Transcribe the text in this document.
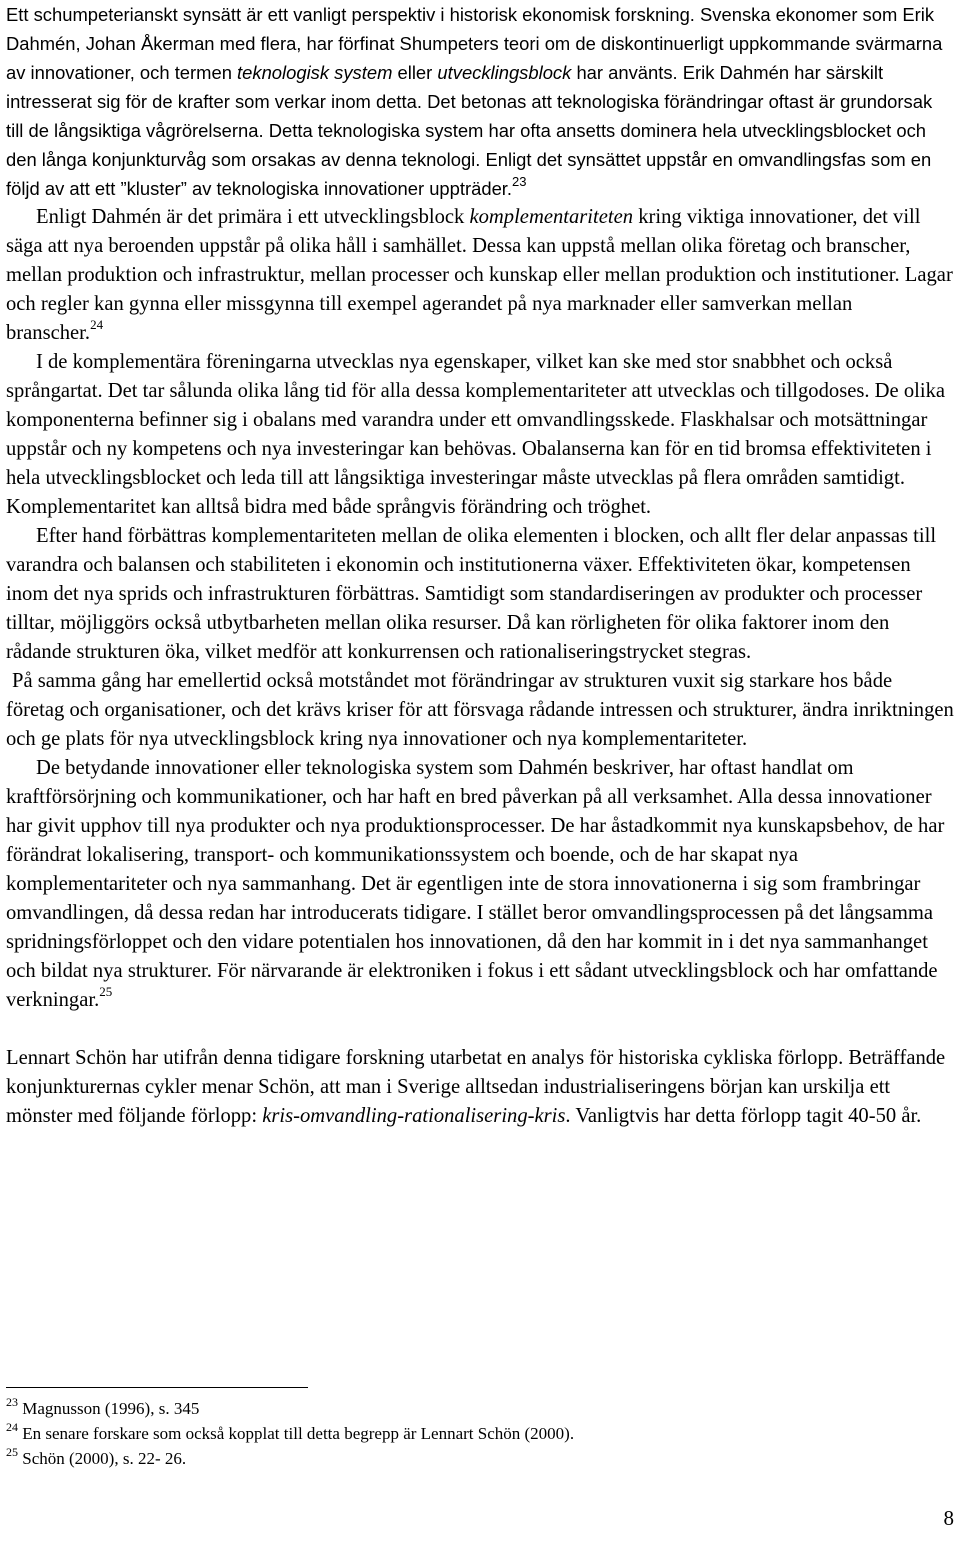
Ett schumpeterianskt synsätt är ett vanligt perspektiv i historisk ekonomisk forskning. Svenska ekonomer som Erik Dahmén, Johan Åkerman med flera, har förfinat Shumpeters teori om de diskontinuerligt uppkommande svärmarna av innovationer, och termen teknologisk system eller utvecklingsblock har använts. Erik Dahmén har särskilt intresserat sig för de krafter som verkar inom detta. Det betonas att teknologiska förändringar oftast är grundorsak till de långsiktiga vågrörelserna. Detta teknologiska system har ofta ansetts dominera hela utvecklingsblocket och den långa konjunkturvåg som orsakas av denna teknologi. Enligt det synsättet uppstår en omvandlingsfas som en följd av att ett ”kluster” av teknologiska innovationer uppträder.$^{23}$

Enligt Dahmén är det primära i ett utvecklingsblock komplementariteten kring viktiga innovationer, det vill säga att nya beroenden uppstår på olika håll i samhället. Dessa kan uppstå mellan olika företag och branscher, mellan produktion och infrastruktur, mellan processer och kunskap eller mellan produktion och institutioner. Lagar och regler kan gynna eller missgynna till exempel agerandet på nya marknader eller samverkan mellan branscher.$^{24}$

I de komplementära föreningarna utvecklas nya egenskaper, vilket kan ske med stor snabbhet och också språngartat. Det tar sålunda olika lång tid för alla dessa komplementariteter att utvecklas och tillgodoses. De olika komponenterna befinner sig i obalans med varandra under ett omvandlingsskede. Flaskhalsar och motsättningar uppstår och ny kompetens och nya investeringar kan behövas. Obalanserna kan för en tid bromsa effektiviteten i hela utvecklingsblocket och leda till att långsiktiga investeringar måste utvecklas på flera områden samtidigt. Komplementaritet kan alltså bidra med både språngvis förändring och tröghet.

Efter hand förbättras komplementariteten mellan de olika elementen i blocken, och allt fler delar anpassas till varandra och balansen och stabiliteten i ekonomin och institutionerna växer. Effektiviteten ökar, kompetensen inom det nya sprids och infrastrukturen förbättras. Samtidigt som standardiseringen av produkter och processer tilltar, möjliggörs också utbytbarheten mellan olika resurser. Då kan rörligheten för olika faktorer inom den rådande strukturen öka, vilket medför att konkurrensen och rationaliseringstrycket stegras.

På samma gång har emellertid också motståndet mot förändringar av strukturen vuxit sig starkare hos både företag och organisationer, och det krävs kriser för att försvaga rådande intressen och strukturer, ändra inriktningen och ge plats för nya utvecklingsblock kring nya innovationer och nya komplementariteter.

De betydande innovationer eller teknologiska system som Dahmén beskriver, har oftast handlat om kraftförsörjning och kommunikationer, och har haft en bred påverkan på all verksamhet. Alla dessa innovationer har givit upphov till nya produkter och nya produktionsprocesser. De har åstadkommit nya kunskapsbehov, de har förändrat lokalisering, transport- och kommunikationssystem och boende, och de har skapat nya komplementariteter och nya sammanhang. Det är egentligen inte de stora innovationerna i sig som frambringar omvandlingen, då dessa redan har introducerats tidigare. I stället beror omvandlingsprocessen på det långsamma spridningsförloppet och den vidare potentialen hos innovationen, då den har kommit in i det nya sammanhanget och bildat nya strukturer. För närvarande är elektroniken i fokus i ett sådant utvecklingsblock och har omfattande verkningar.$^{25}$

Lennart Schön har utifrån denna tidigare forskning utarbetat en analys för historiska cykliska förlopp. Beträffande konjunkturernas cykler menar Schön, att man i Sverige alltsedan industrialiseringens början kan urskilja ett mönster med följande förlopp: kris-omvandling-rationalisering-kris. Vanligtvis har detta förlopp tagit 40-50 år.

$^{23}$ Magnusson (1996), s. 345
$^{24}$ En senare forskare som också kopplat till detta begrepp är Lennart Schön (2000).
$^{25}$ Schön (2000), s. 22- 26.
8
